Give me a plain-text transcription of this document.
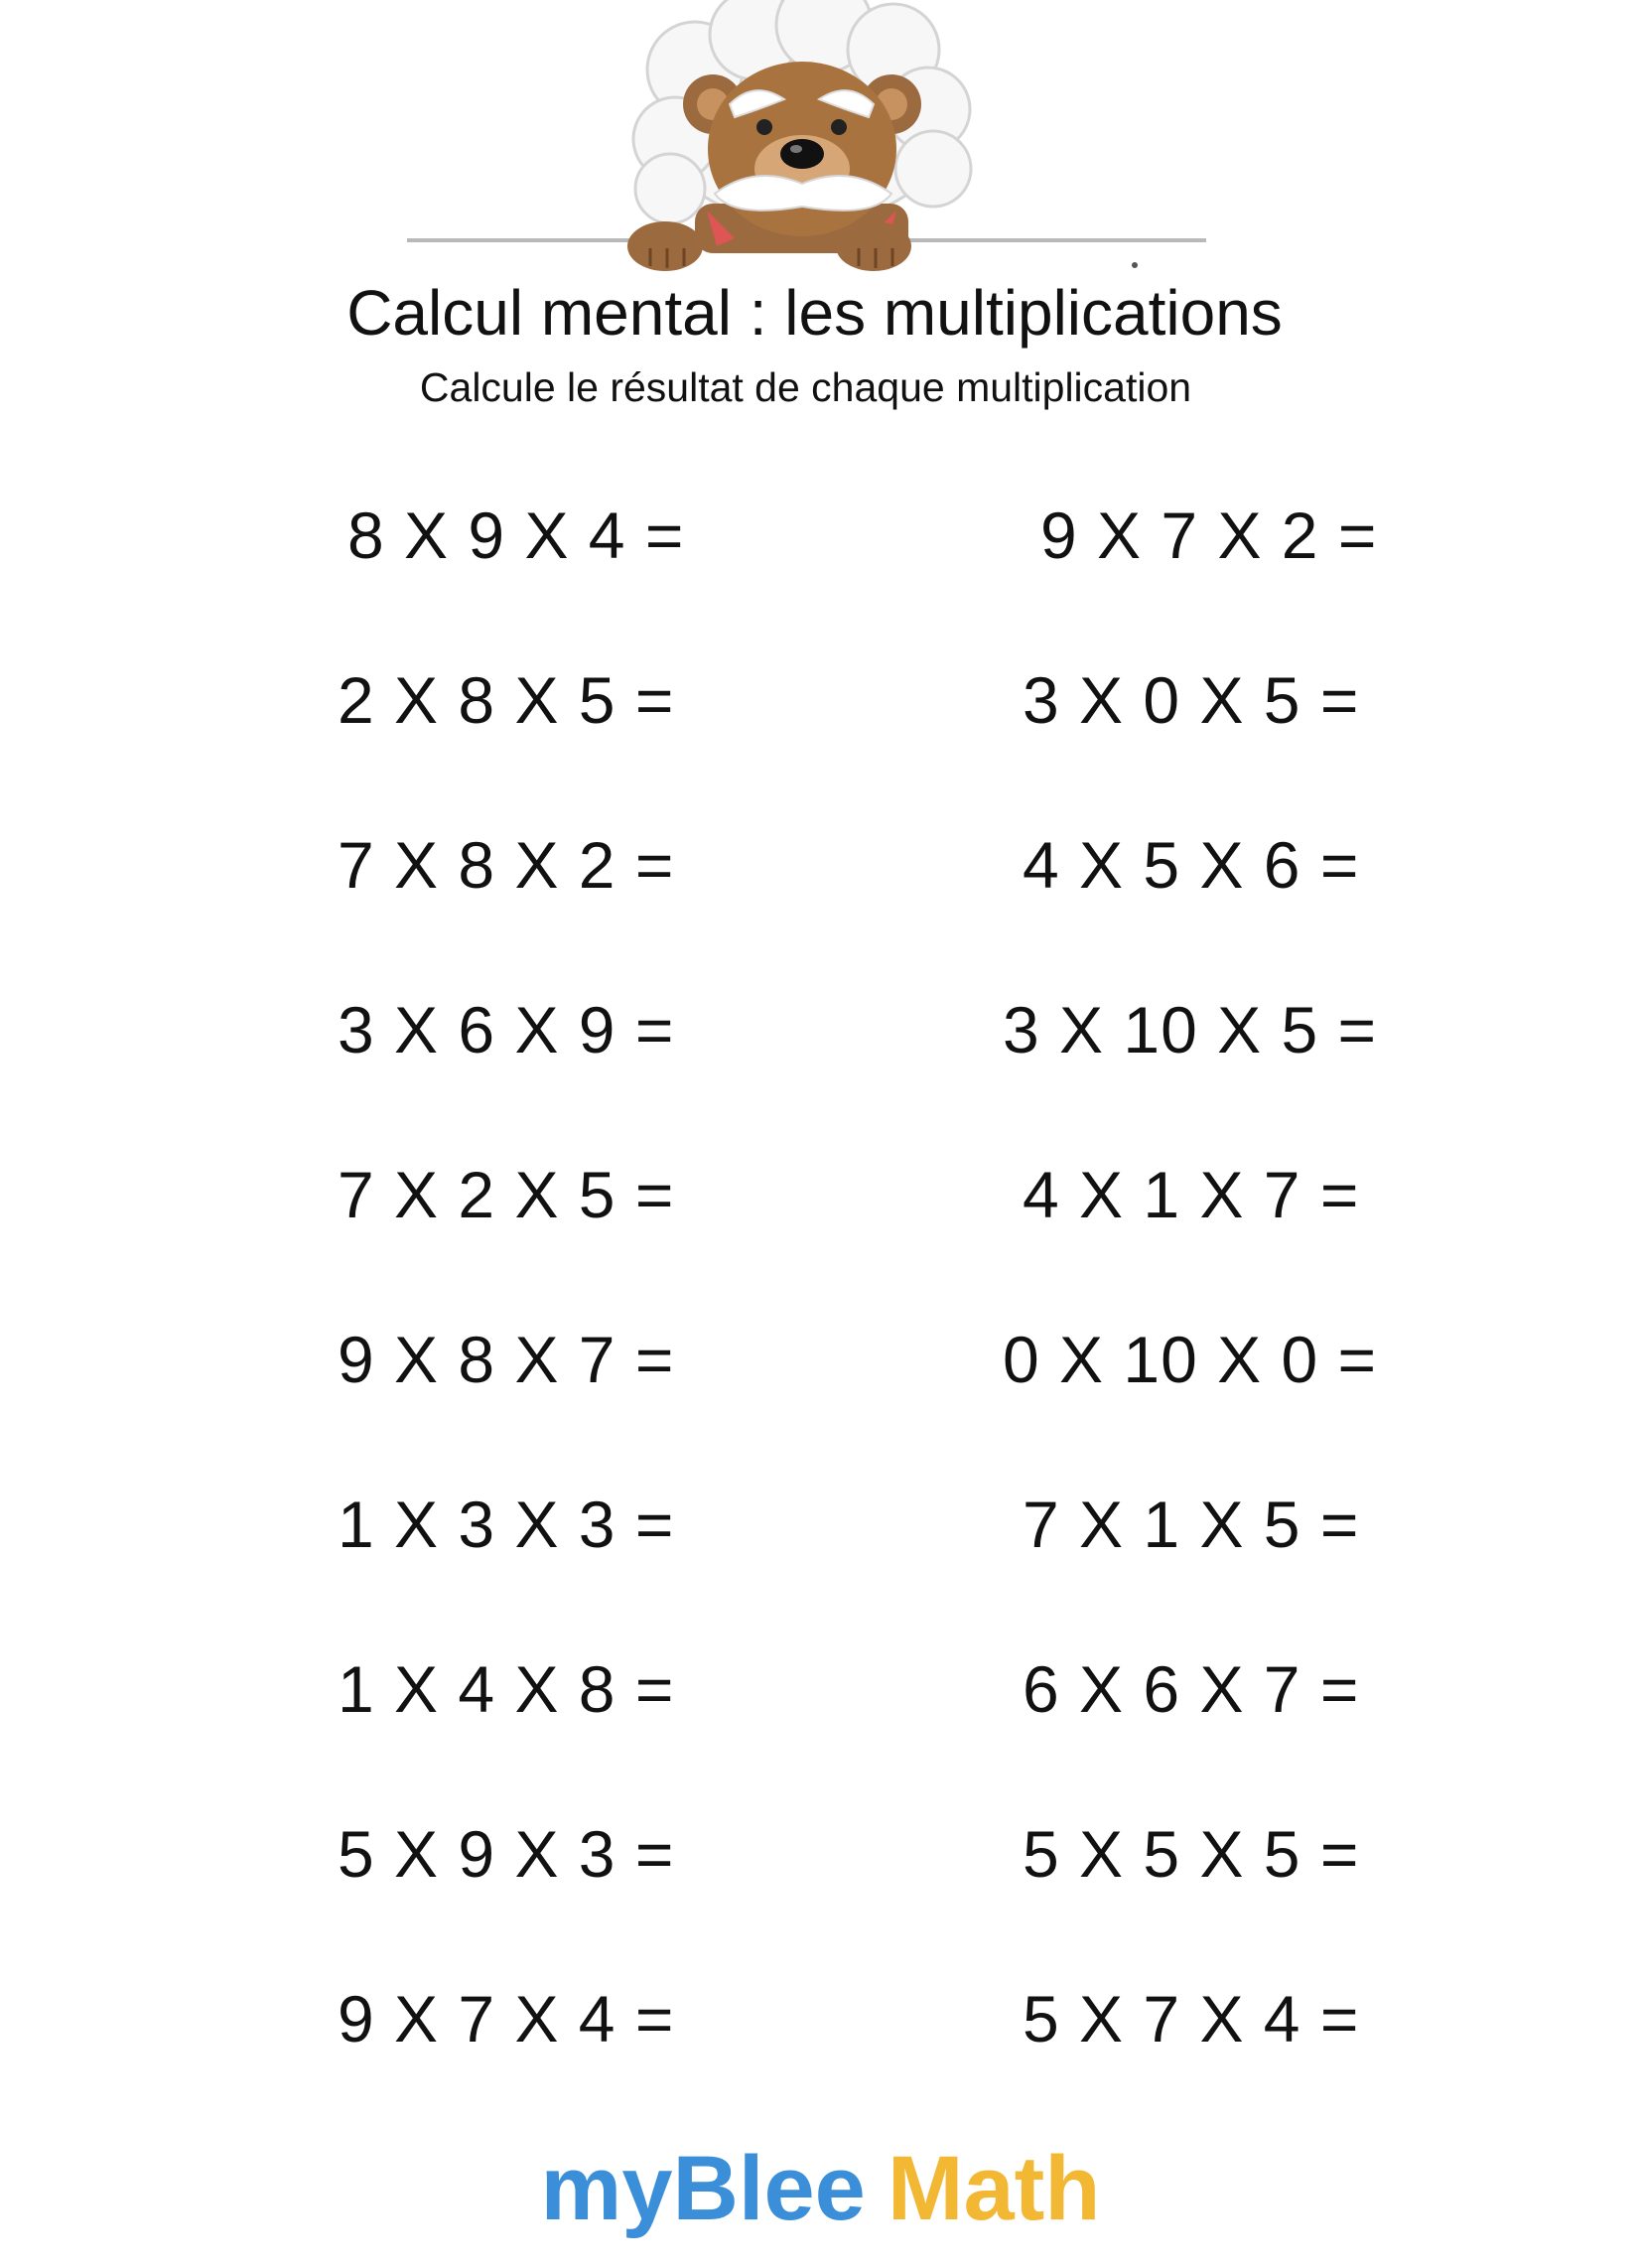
Calcul mental : les multiplications

Calcule le résultat de chaque multiplication

8 X 9 X 4 =
2 X 8 X 5 =
7 X 8 X 2 =
3 X 6 X 9 =
7 X 2 X 5 =
9 X 8 X 7 =
1 X 3 X 3 =
1 X 4 X 8 =
5 X 9 X 3 =
9 X 7 X 4 =
9 X 7 X 2 =
3 X 0 X 5 =
4 X 5 X 6 =
3 X 10 X 5 =
4 X 1 X 7 =
0 X 10 X 0 =
7 X 1 X 5 =
6 X 6 X 7 =
5 X 5 X 5 =
5 X 7 X 4 =
myBlee Math
